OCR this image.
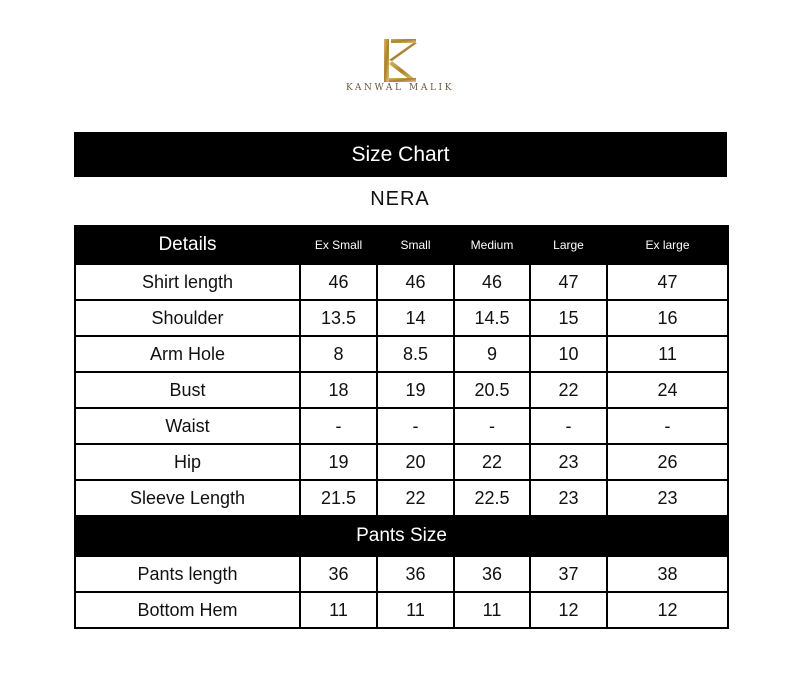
KANWAL MALIK
Size Chart
NERA
Details	Ex Small	Small	Medium	Large	Ex large
Shirt length	46	46	46	47	47
Shoulder	13.5	14	14.5	15	16
Arm Hole	8	8.5	9	10	11
Bust	18	19	20.5	22	24
Waist	-	-	-	-	-
Hip	19	20	22	23	26
Sleeve Length	21.5	22	22.5	23	23
Pants Size					
Pants length	36	36	36	37	38
Bottom Hem	11	11	11	12	12
